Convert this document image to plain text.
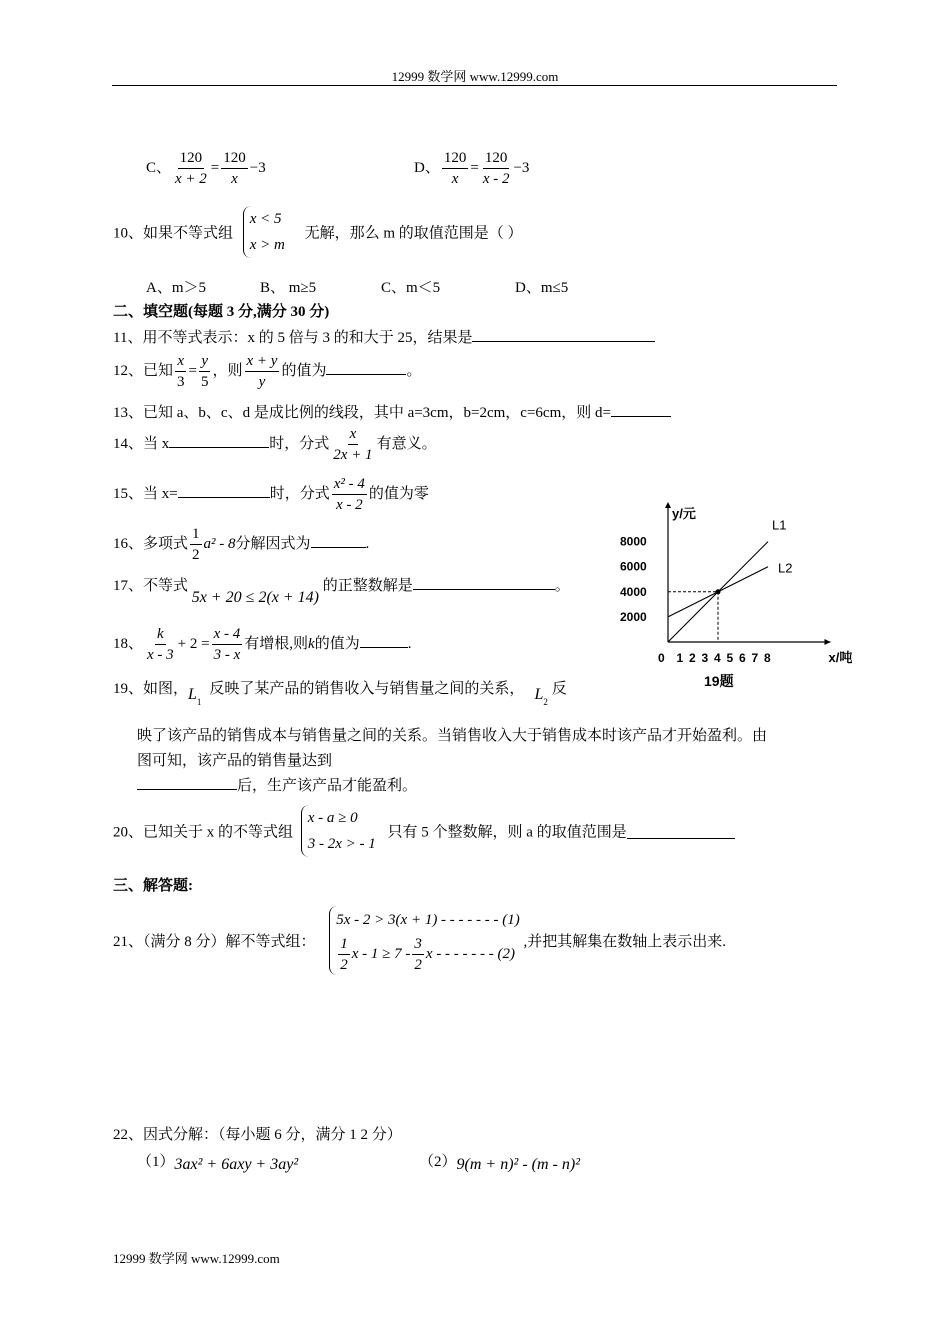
12999 数学网 www.12999.com
C、 $\frac{120}{x + 2} = \frac{120}{x} -3$	D、 $\frac{120}{x} = \frac{120}{x - 2} -3$
10、如果不等式组
x < 5
x > m
无解，那么 m 的取值范围是（ ）
A、m＞5	B、 m≥5	C、m＜5	D、m≤5
二、填空题(每题 3 分,满分 30 分)
11、用不等式表示：x 的 5 倍与 3 的和大于 25，结果是
12、已知 $\frac{x}{3} = \frac{y}{5}$ ，则 $\frac{x + y}{y}$ 的值为	。
13、已知 a、b、c、d 是成比例的线段，其中 a=3cm，b=2cm，c=6cm，则 d=
14、当 x	时，分式 $\frac{x}{2x + 1}$ 有意义。
15、当 x=	时，分式 $\frac{\text{x² - 4}}{x - 2}$ 的值为零
16、多项式 $\frac{1}{2} a^2 - 8$分解因式为	.
17、不等式 5x + 20 ≤ 2(x + 14) 的正整数解是	。
18、 $\frac{k}{x - 3} + 2 = \frac{x - 4}{3 - x}$ 有增根,则k的值为	.
19、如图，$L_1$反映了某产品的销售收入与销售量之间的关系， $L_2$反
映了该产品的销售成本与销售量之间的关系。当销售收入大于销售成本时该产品才开始盈利。由
图可知，该产品的销售量达到
后，生产该产品才能盈利。
y/元
x/吨
0 1 2 3 4 5 6 7 8
2000
4000
6000
8000
L1
L2
19题
20、已知关于 x 的不等式组
x - a ≥ 0
3 - 2x > - 1
只有 5 个整数解，则 a 的取值范围是
三、解答题:
21、（满分 8 分）解不等式组：
5x - 2 > 3(x + 1) - - - - - - - (1)
$\frac{1}{2}$ $x - 1 \ge 7 - \frac{3}{2}$ x - - - - - - - (2)
,并把其解集在数轴上表示出来.
22、因式分解：（每小题 6 分，满分 1 2 分）
（1）3ax² + 6axy + 3ay²	（2）9(m + n)² - (m - n)²
12999 数学网 www.12999.com
